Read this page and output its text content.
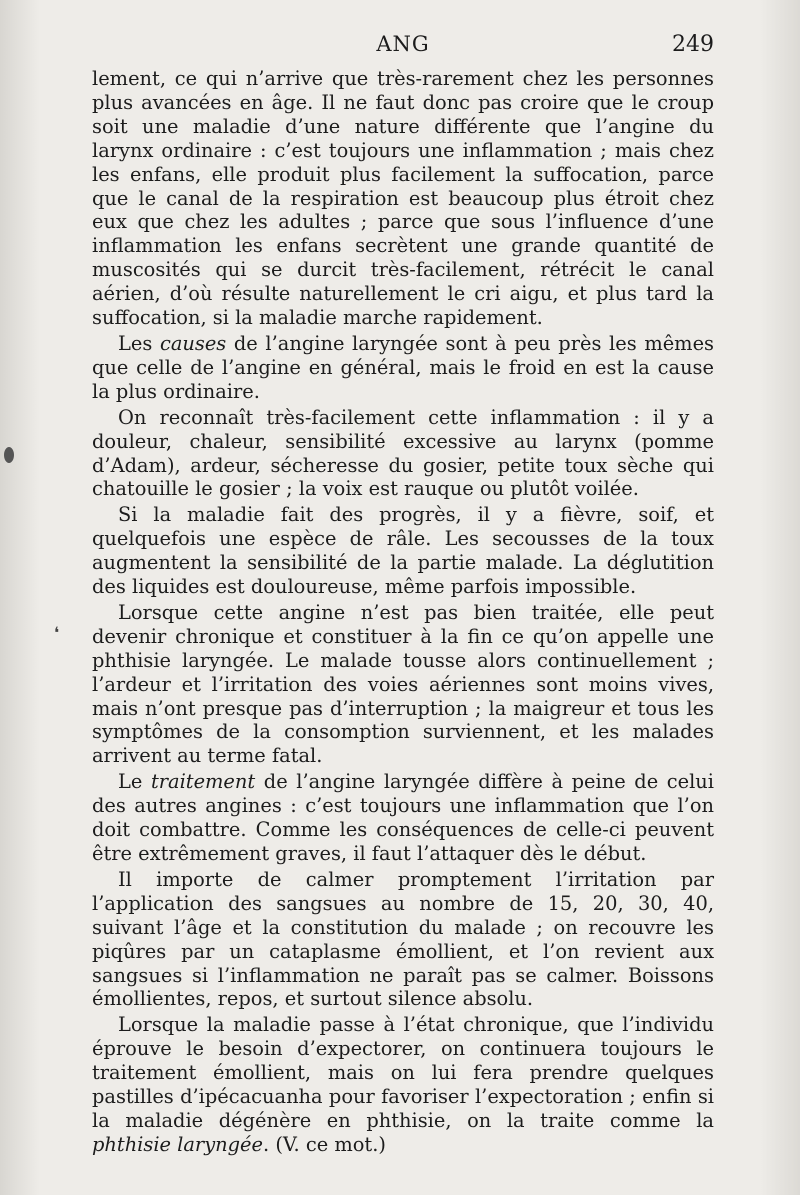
ANG	249

lement, ce qui n’arrive que très-rarement chez les personnes plus avancées en âge. Il ne faut donc pas croire que le croup soit une maladie d’une nature différente que l’angine du larynx ordinaire : c’est toujours une inflammation ; mais chez les enfans, elle produit plus facilement la suffocation, parce que le canal de la respiration est beaucoup plus étroit chez eux que chez les adultes ; parce que sous l’influence d’une inflammation les enfans secrètent une grande quantité de muscosités qui se durcit très-facilement, rétrécit le canal aérien, d’où résulte naturellement le cri aigu, et plus tard la suffocation, si la maladie marche rapidement.

Les causes de l’angine laryngée sont à peu près les mêmes que celle de l’angine en général, mais le froid en est la cause la plus ordinaire.

On reconnaît très-facilement cette inflammation : il y a douleur, chaleur, sensibilité excessive au larynx (pomme d’Adam), ardeur, sécheresse du gosier, petite toux sèche qui chatouille le gosier ; la voix est rauque ou plutôt voilée.

Si la maladie fait des progrès, il y a fièvre, soif, et quelquefois une espèce de râle. Les secousses de la toux augmentent la sensibilité de la partie malade. La déglutition des liquides est douloureuse, même parfois impossible.

Lorsque cette angine n’est pas bien traitée, elle peut devenir chronique et constituer à la fin ce qu’on appelle une phthisie laryngée. Le malade tousse alors continuellement ; l’ardeur et l’irritation des voies aériennes sont moins vives, mais n’ont presque pas d’interruption ; la maigreur et tous les symptômes de la consomption surviennent, et les malades arrivent au terme fatal.

Le traitement de l’angine laryngée diffère à peine de celui des autres angines : c’est toujours une inflammation que l’on doit combattre. Comme les conséquences de celle-ci peuvent être extrêmement graves, il faut l’attaquer dès le début.

Il importe de calmer promptement l’irritation par l’application des sangsues au nombre de 15, 20, 30, 40, suivant l’âge et la constitution du malade ; on recouvre les piqûres par un cataplasme émollient, et l’on revient aux sangsues si l’inflammation ne paraît pas se calmer. Boissons émollientes, repos, et surtout silence absolu.

Lorsque la maladie passe à l’état chronique, que l’individu éprouve le besoin d’expectorer, on continuera toujours le traitement émollient, mais on lui fera prendre quelques pastilles d’ipécacuanha pour favoriser l’expectoration ; enfin si la maladie dégénère en phthisie, on la traite comme la phthisie laryngée. (V. ce mot.)

❛
